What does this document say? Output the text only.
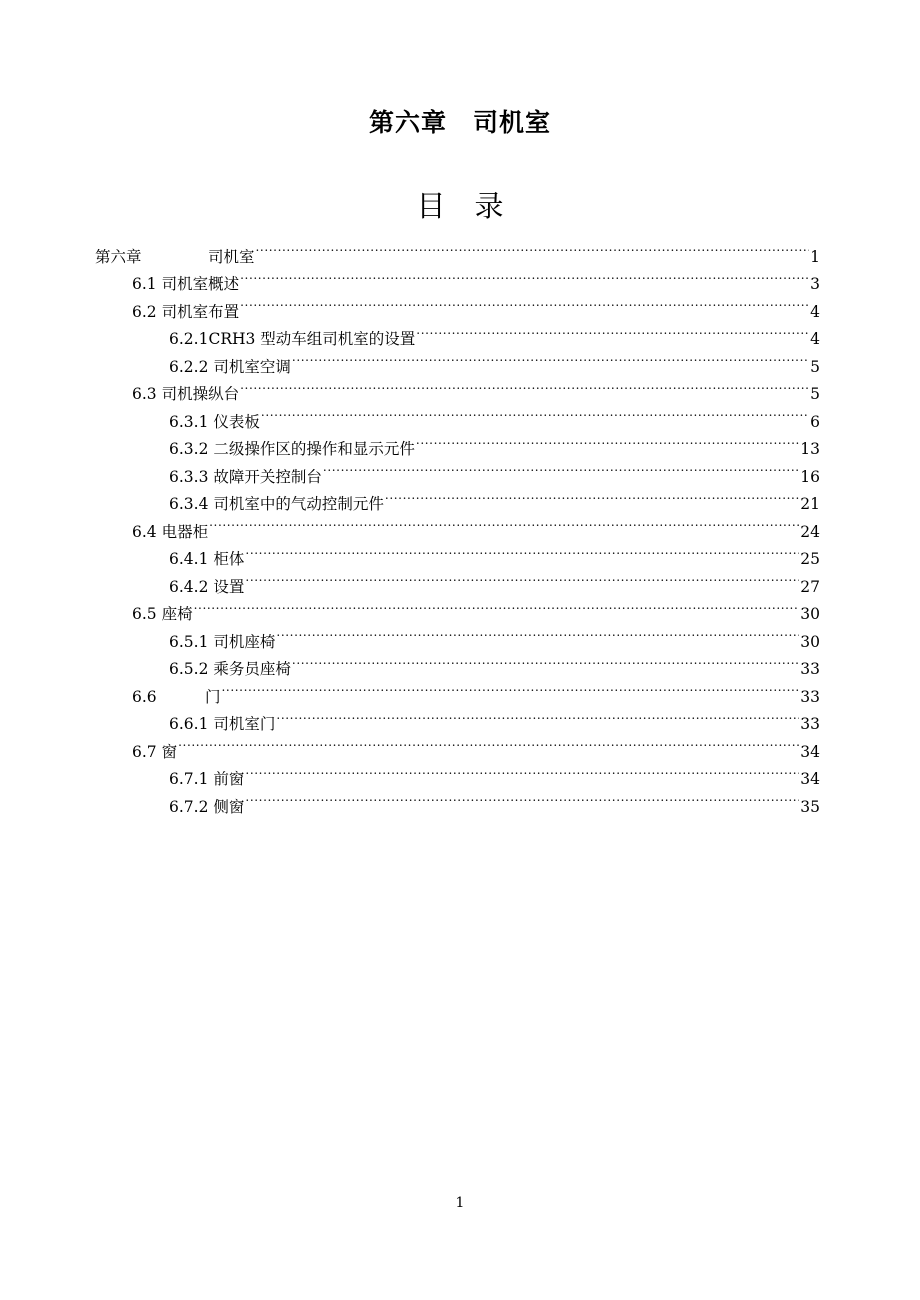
第六章　司机室
目　录
第六章	司机室 .....	1
6.1 司机室概述 .....	3
6.2 司机室布置 .....	4
6.2.1CRH3 型动车组司机室的设置 .....	4
6.2.2 司机室空调 .....	5
6.3 司机操纵台 .....	5
6.3.1 仪表板 .....	6
6.3.2 二级操作区的操作和显示元件 .....	13
6.3.3 故障开关控制台 .....	16
6.3.4 司机室中的气动控制元件 .....	21
6.4 电器柜 .....	24
6.4.1 柜体 .....	25
6.4.2 设置 .....	27
6.5 座椅 .....	30
6.5.1 司机座椅 .....	30
6.5.2 乘务员座椅 .....	33
6.6	门 .....	33
6.6.1 司机室门 .....	33
6.7 窗 .....	34
6.7.1 前窗 .....	34
6.7.2 侧窗 .....	35
1
